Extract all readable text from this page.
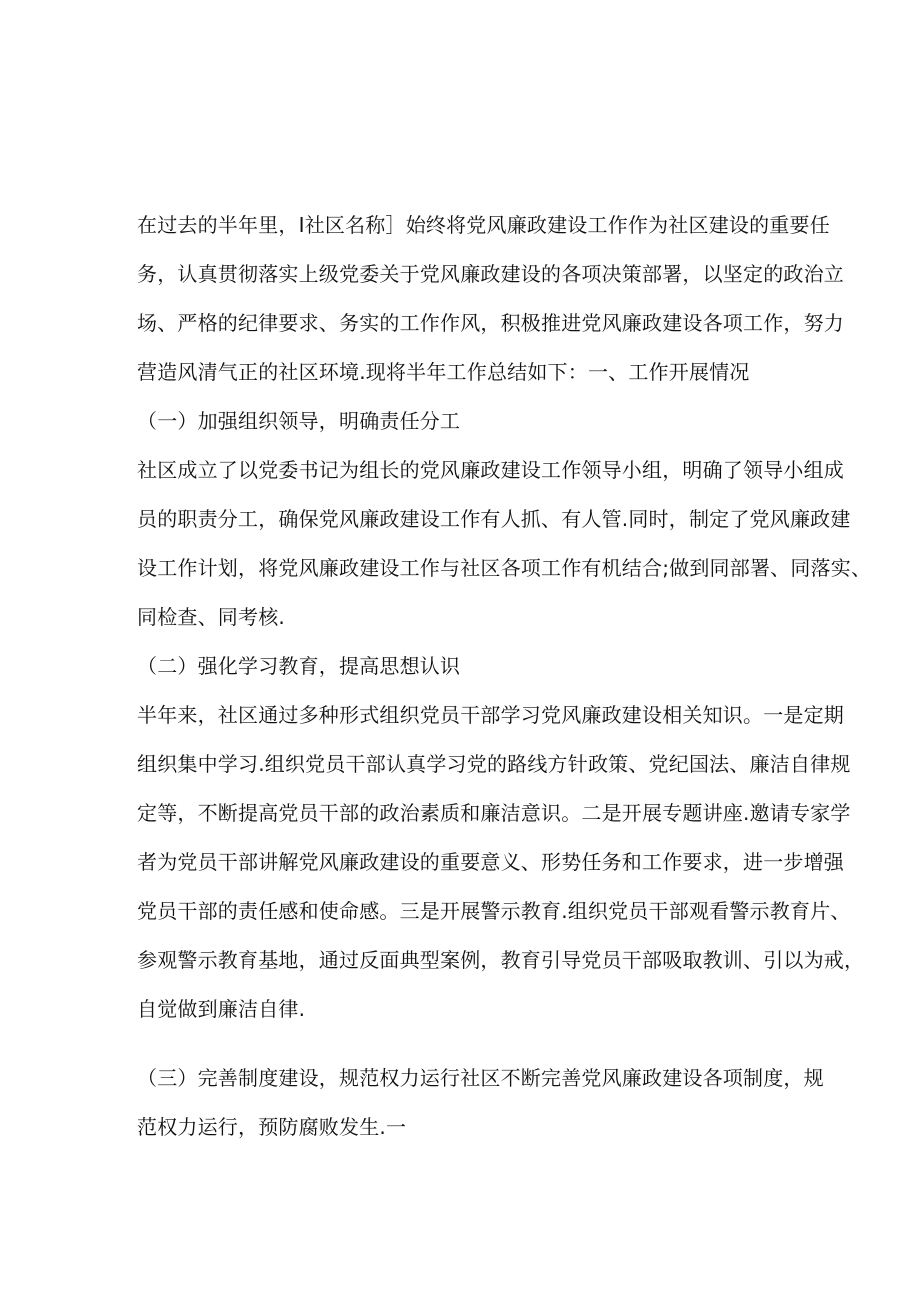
在过去的半年里，I社区名称］始终将党风廉政建设工作作为社区建设的重要任
务，认真贯彻落实上级党委关于党风廉政建设的各项决策部署，以坚定的政治立
场、严格的纪律要求、务实的工作作风，积极推进党风廉政建设各项工作，努力
营造风清气正的社区环境.现将半年工作总结如下：一、工作开展情况
（一）加强组织领导，明确责任分工
社区成立了以党委书记为组长的党风廉政建设工作领导小组，明确了领导小组成
员的职责分工，确保党风廉政建设工作有人抓、有人管.同时，制定了党风廉政建
设工作计划，将党风廉政建设工作与社区各项工作有机结合;做到同部署、同落实、
同检查、同考核.
（二）强化学习教育，提高思想认识
半年来，社区通过多种形式组织党员干部学习党风廉政建设相关知识。一是定期
组织集中学习.组织党员干部认真学习党的路线方针政策、党纪国法、廉洁自律规
定等，不断提高党员干部的政治素质和廉洁意识。二是开展专题讲座.邀请专家学
者为党员干部讲解党风廉政建设的重要意义、形势任务和工作要求，进一步增强
党员干部的责任感和使命感。三是开展警示教育.组织党员干部观看警示教育片、
参观警示教育基地，通过反面典型案例，教育引导党员干部吸取教训、引以为戒，
自觉做到廉洁自律.
（三）完善制度建设，规范权力运行社区不断完善党风廉政建设各项制度，规
范权力运行，预防腐败发生.一
